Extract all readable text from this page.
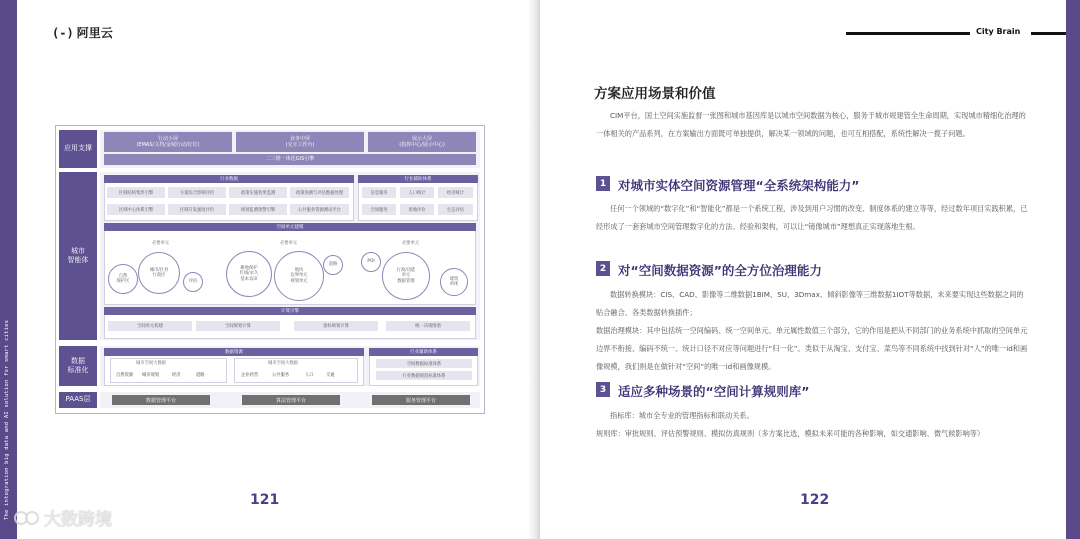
The integration big data and AI solution for smart cities
(-) 阿里云
应用支撑
行动小屏
(EMAS/文档/金城行动/钉钉)
业务中屏
(交互工作台)
展示大屏
(指挥中心/展示中心)
二三维一体化GIS引擎
城市
智能体
行业数据
区域结构集形引擎	方案综合影响评价	政策实施效果监测	政策预测与评估数据处理
区域中心体系引擎	区域开发强度评价	规划监测预警引擎	公共服务资源测试平台
行业辅助体系
信息服务	人口统计	经济统计
空间服务	用地评价	生态评估
空间单元建模
必要单元	必要单元	必要单元
自然
保护区
城市/区县
行政区
评估
耕地保护
红线/永久
基本农田
地块
边界单元
规划单元
道路
POI
行政/功能
单元
数据管理	建筑
单体
计算引擎
空间单元构建	空间规划计算	指标规划计算	统一决策图谱
数据
标准化
数据资源
城市空间大数据
自然资源 城市规划	经济	道路
城市空间大数据
企业经营	公共服务	人口	交通
行业辅助体系
空间数据标准体系
行业数据规范标准体系
PAAS层	数据管理平台	算法管理平台	服务管理平台
121
大数跨境
City Brain
方案应用场景和价值
CIM平台，国土空间实施监督一张图和城市基因库是以城市空间数据为核心，服务于城市规建管全生命周期，实现城市精细化治理的一体相关的产品系列，在方案输出方面既可单独提供，解决某一领域的问题，也可互相搭配，系统性解决一揽子问题。
1 对城市实体空间资源管理“全系统架构能力”
任何一个领域的“数字化”和“智能化”都是一个系统工程，涉及到用户习惯的改变、制度体系的建立等等，经过数年项目实践积累，已经形成了一套套城市空间管理数字化的方法、经验和架构，可以让“镜像城市”理想真正实现落地生根。
2 对“空间数据资源”的全方位治理能力
数据转换模块：CIS、CAD、影像等二维数据1BIM、SU、3Dmax、倾斜影像等三维数据1IOT等数据，未来要实现这些数据之间的贴合融合、各类数据转换插件；
数据治理模块：其中包括统一空间编码、统一空间单元、单元属性数值三个部分，它的作用是把从不同部门的业务系统中抓取的空间单元边界不衔接、编码不统一、统计口径不对应等问题进行“归一化”。类似于从淘宝、支付宝、菜鸟等不同系统中找到针对“人”的唯一id和画像规模，我们则是在做针对“空间”的唯一id和画像规模。
3 适应多种场景的“空间计算规则库”
指标库：城市全专业的管理指标和联动关系。
规则库：审批规则、评估预警规则、模拟仿真规则（多方案比选，模拟未来可能的各种影响，如交通影响、微气候影响等）
122
